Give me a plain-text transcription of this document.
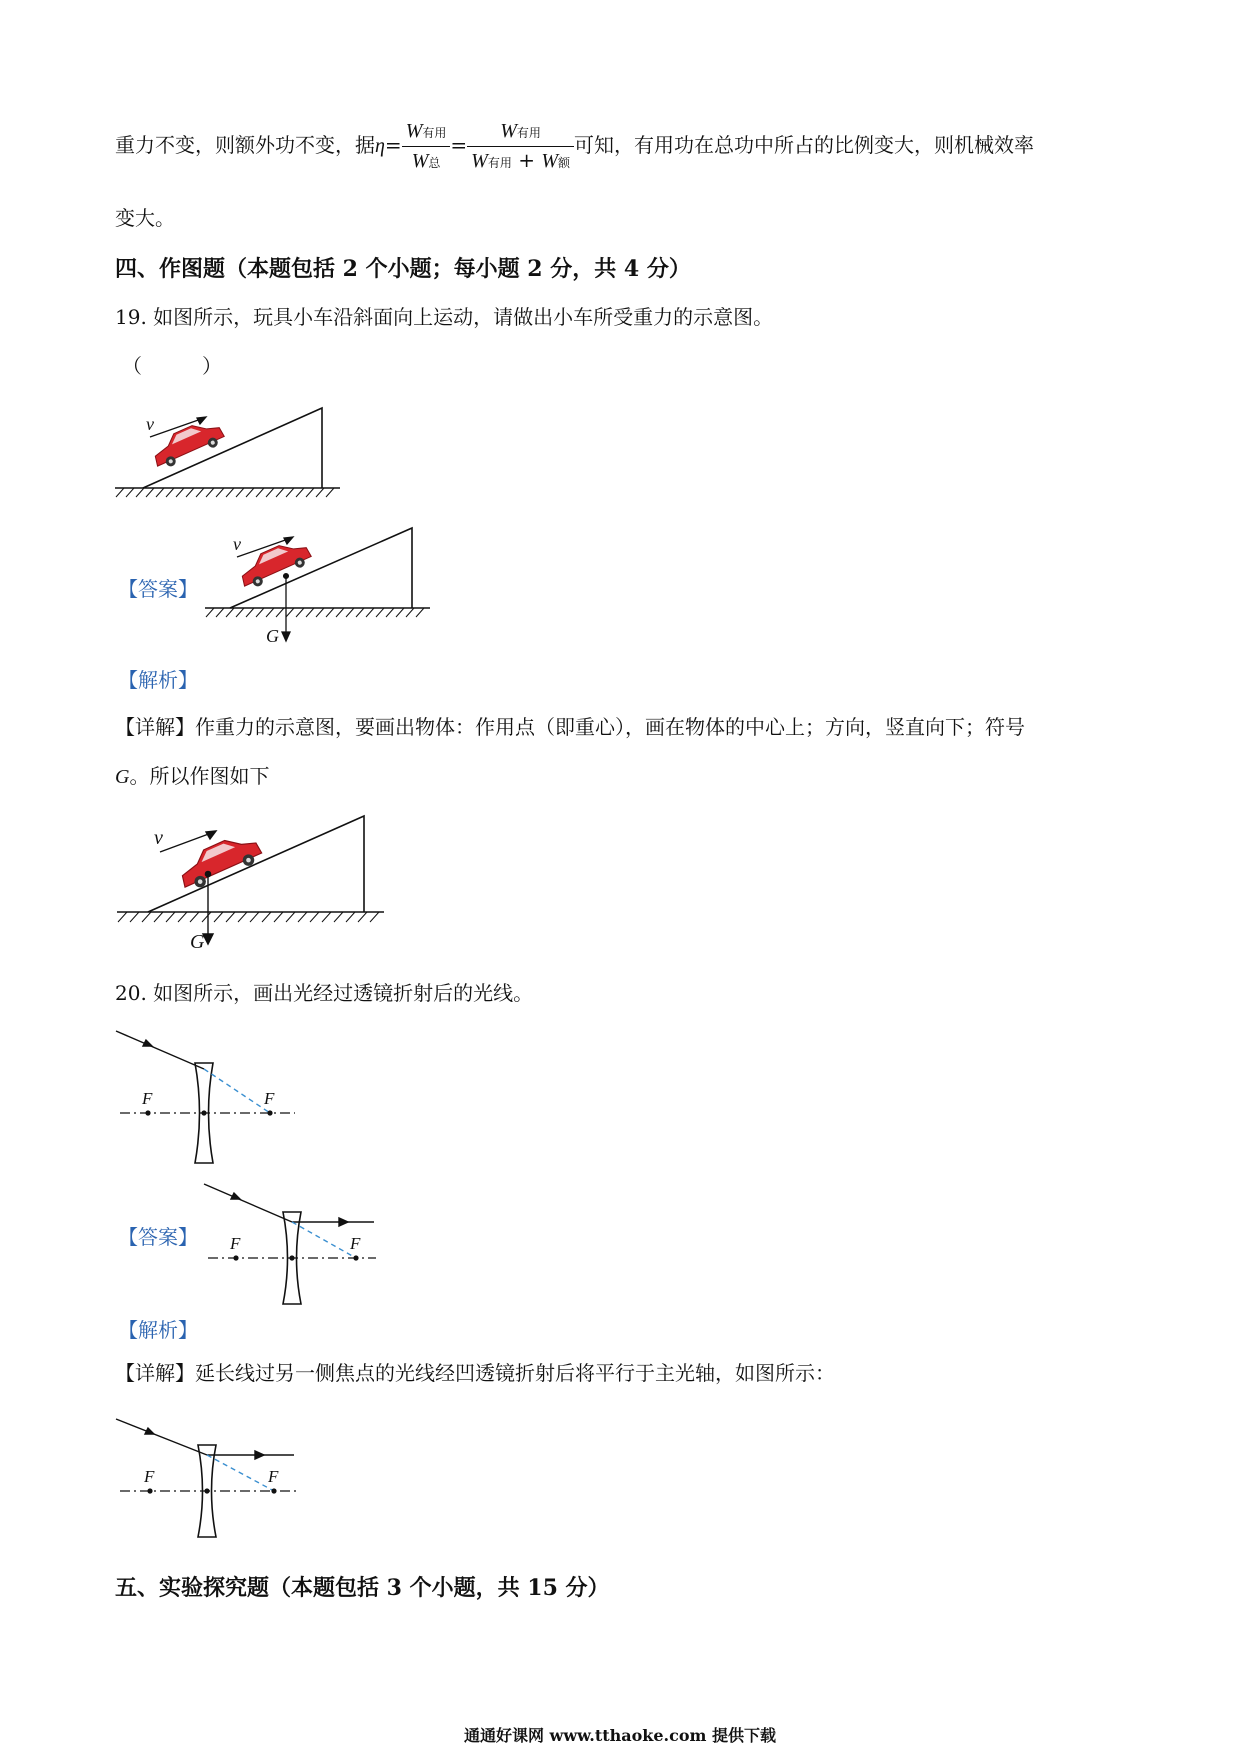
重力不变，则额外功不变，据$\eta= \frac{\text{W有用}}{\text{W总}} = \frac{\text{W有用}}{\text{W有用 + W额}}$ 可知，有用功在总功中所占的比例变大，则机械效率
变大。
四、作图题（本题包括 2 个小题；每小题 2 分，共 4 分）
19. 如图所示，玩具小车沿斜面向上运动，请做出小车所受重力的示意图。
（　　　）
v
【答案】
v
G
【解析】
【详解】作重力的示意图，要画出物体：作用点（即重心），画在物体的中心上；方向，竖直向下；符号
G。所以作图如下
v
G
20. 如图所示，画出光经过透镜折射后的光线。
F	F
【答案】 F	F
【解析】
【详解】延长线过另一侧焦点的光线经凹透镜折射后将平行于主光轴，如图所示：
F	F
五、实验探究题（本题包括 3 个小题，共 15 分）
通通好课网 www.tthaoke.com 提供下载
